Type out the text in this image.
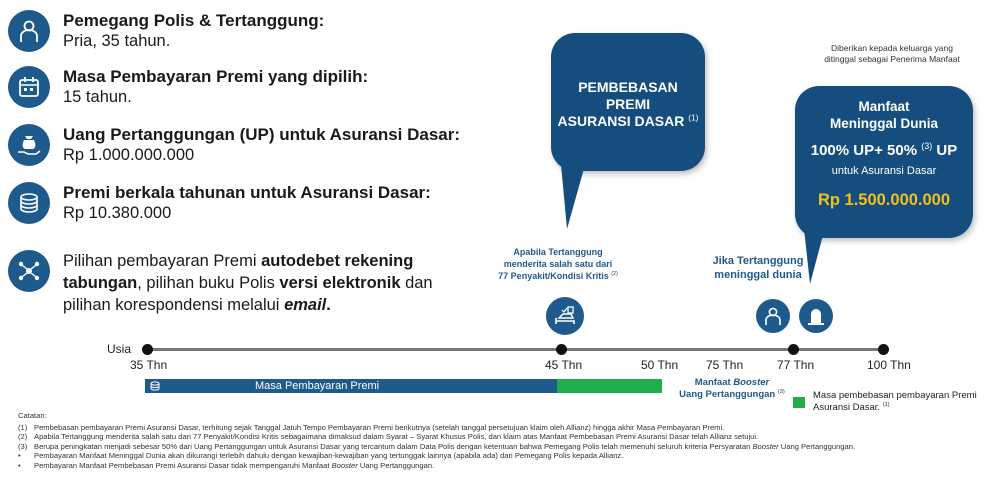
Pemegang Polis & Tertanggung:
Pria, 35 tahun.
Masa Pembayaran Premi yang dipilih:
15 tahun.
Uang Pertanggungan (UP) untuk Asuransi Dasar:
Rp 1.000.000.000
Premi berkala tahunan untuk Asuransi Dasar:
Rp 10.380.000
Pilihan pembayaran Premi autodebet rekening tabungan, pilihan buku Polis versi elektronik dan pilihan korespondensi melalui email.
PEMBEBASAN
PREMI
ASURANSI DASAR $^{(1)}$
Diberikan kepada keluarga yang
ditinggal sebagai Penerima Manfaat
Manfaat
Meninggal Dunia
100% UP+ 50% $^{(3)}$ UP
untuk Asuransi Dasar
Rp 1.500.000.000
Apabila Tertanggung
menderita salah satu dari
77 Penyakit/Kondisi Kritis $^{(2)}$
Jika Tertanggung
meninggal dunia
Usia
35 Thn	45 Thn	50 Thn 75 Thn	77 Thn	100 Thn
Masa Pembayaran Premi	Manfaat Booster
Uang Pertanggungan $^{(3)}$	Masa pembebasan pembayaran Premi
Asuransi Dasar. $^{(1)}$
Catatan:
(1) Pembebasan pembayaran Premi Asuransi Dasar, terhitung sejak Tanggal Jatuh Tempo Pembayaran Premi berikutnya (setelah tanggal persetujuan klaim oleh Allianz) hingga akhir Masa Pembayaran Premi.
(2) Apabila Tertanggung menderita salah satu dari 77 Penyakit/Kondisi Kritis sebagaimana dimaksud dalam Syarat – Syarat Khusus Polis, dan klaim atas Manfaat Pembebasan Premi Asuransi Dasar telah Allianz setujui.
(3) Berupa peningkatan menjadi sebesar 50% dari Uang Pertanggungan untuk Asuransi Dasar yang tercantum dalam Data Polis dengan ketentuan bahwa Pemegang Polis telah memenuhi seluruh kriteria Persyaratan Booster Uang Pertanggungan.
•	Pembayaran Manfaat Meninggal Dunia akan dikurangi terlebih dahulu dengan kewajiban-kewajiban yang tertunggak lainnya (apabila ada) dari Pemegang Polis kepada Allianz.
•	Pembayaran Manfaat Pembebasan Premi Asuransi Dasar tidak mempengaruhi Manfaat Booster Uang Pertanggungan.
